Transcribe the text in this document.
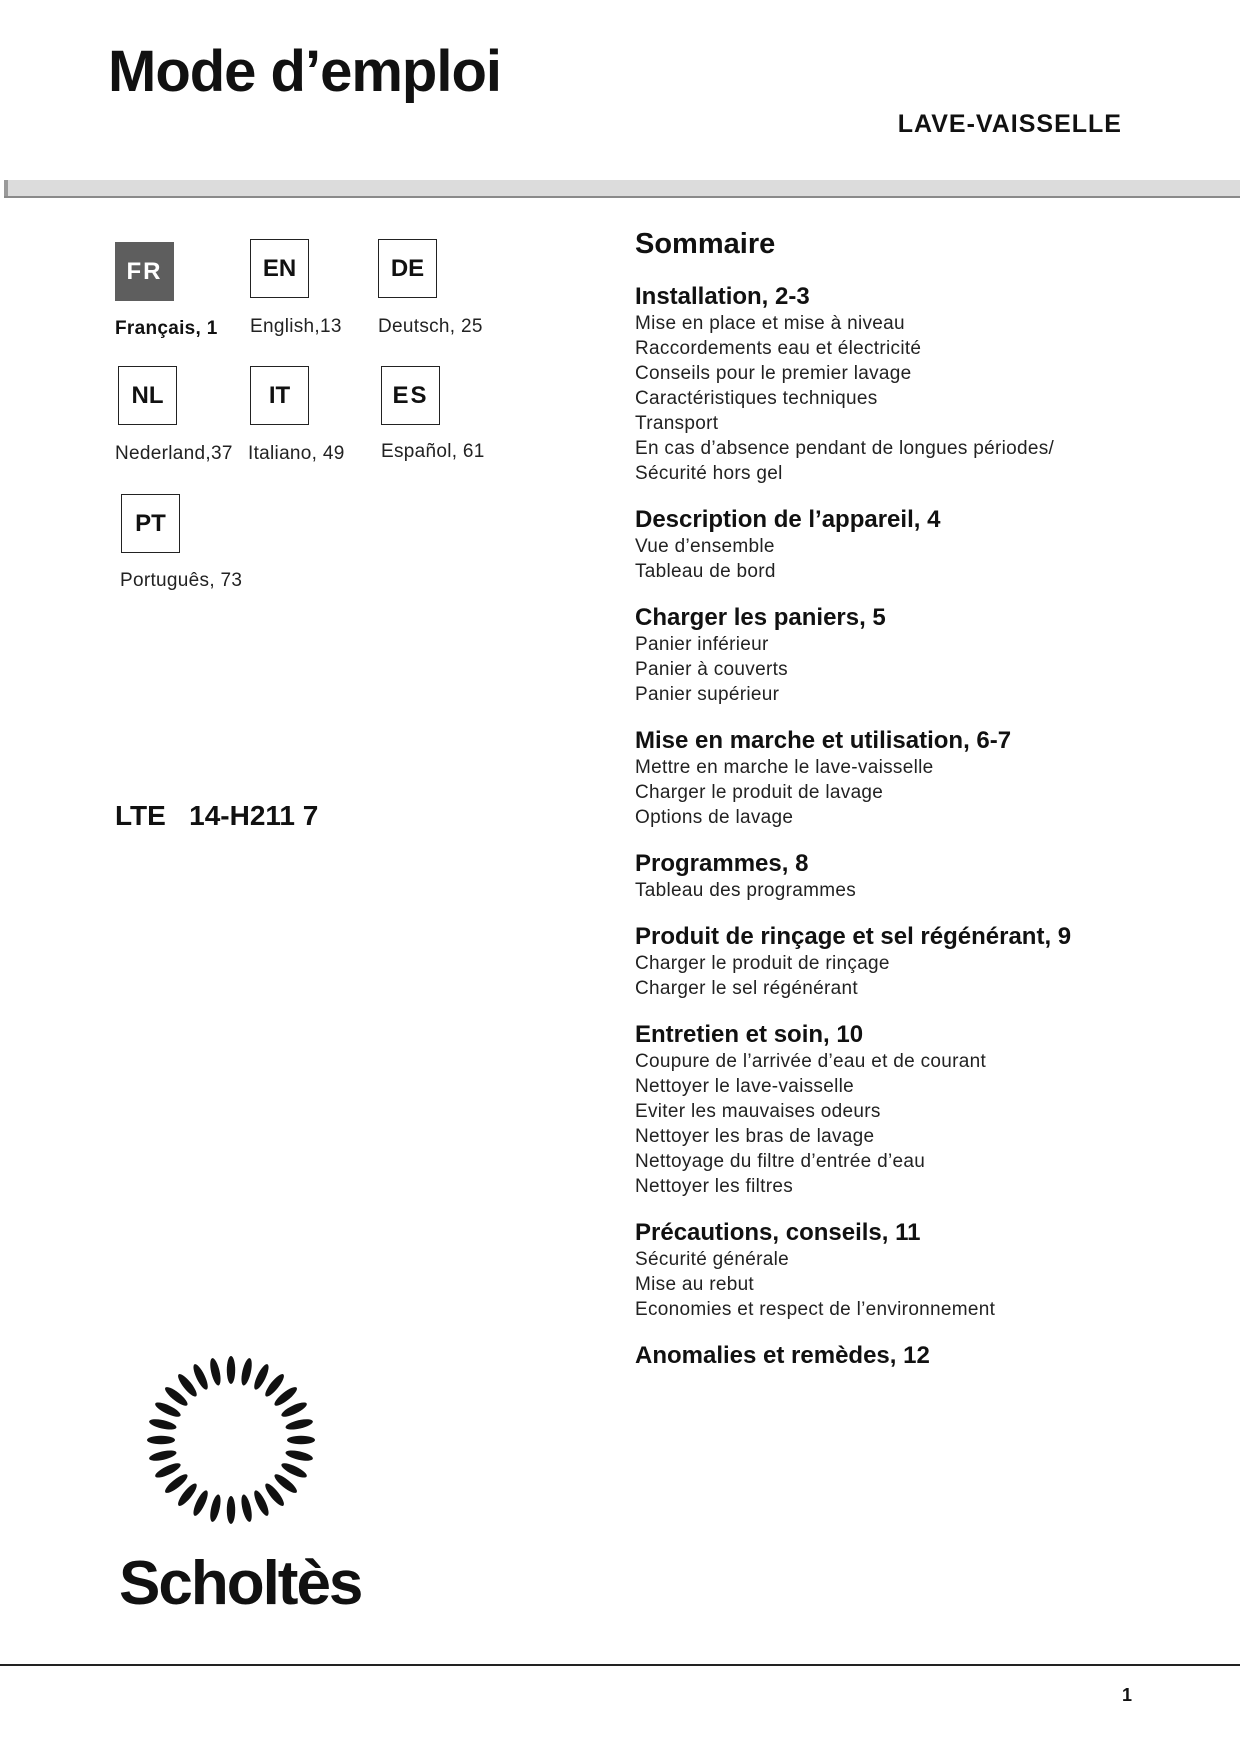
Mode d’emploi
LAVE-VAISSELLE
FR
Français, 1
EN
English,13
DE
Deutsch, 25
NL
Nederland,37
IT
Italiano, 49
ES
Español, 61
PT
Português, 73
LTE   14-H211 7
Sommaire
Installation, 2-3
Mise en place et mise à niveau
Raccordements eau et électricité
Conseils pour le premier lavage
Caractéristiques techniques
Transport
En cas d’absence pendant de longues périodes/
Sécurité hors gel
Description de l’appareil, 4
Vue d’ensemble
Tableau de bord
Charger les paniers, 5
Panier inférieur
Panier à couverts
Panier supérieur
Mise en marche et utilisation, 6-7
Mettre en marche le lave-vaisselle
Charger le produit de lavage
Options de lavage
Programmes, 8
Tableau des programmes
Produit de rinçage et sel régénérant, 9
Charger le produit de rinçage
Charger le sel régénérant
Entretien et soin, 10
Coupure de l’arrivée d’eau et de courant
Nettoyer le lave-vaisselle
Eviter les mauvaises odeurs
Nettoyer les bras de lavage
Nettoyage du filtre d’entrée d’eau
Nettoyer les filtres
Précautions, conseils, 11
Sécurité générale
Mise au rebut
Economies et respect de l’environnement
Anomalies et remèdes, 12
Scholtès
1
